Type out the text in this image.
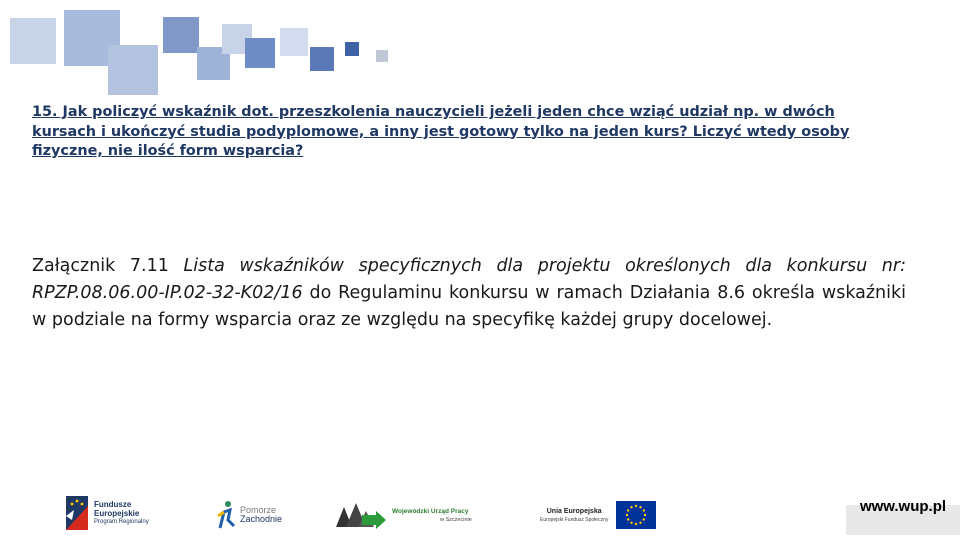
15. Jak policzyć wskaźnik dot. przeszkolenia nauczycieli jeżeli jeden chce wziąć udział np. w dwóch kursach i ukończyć studia podyplomowe, a inny jest gotowy tylko na jeden kurs? Liczyć wtedy osoby fizyczne, nie ilość form wsparcia?

Załącznik 7.11 Lista wskaźników specyficznych dla projektu określonych dla konkursu nr: RPZP.08.06.00-IP.02-32-K02/16 do Regulaminu konkursu w ramach Działania 8.6 określa wskaźniki w podziale na formy wsparcia oraz ze względu na specyfikę każdej grupy docelowej.

Fundusze
Europejskie
Program Regionalny
Pomorze
Zachodnie
Wojewódzki Urząd Pracy
w Szczecinie
Unia Europejska
Europejski Fundusz Społeczny

www.wup.pl
